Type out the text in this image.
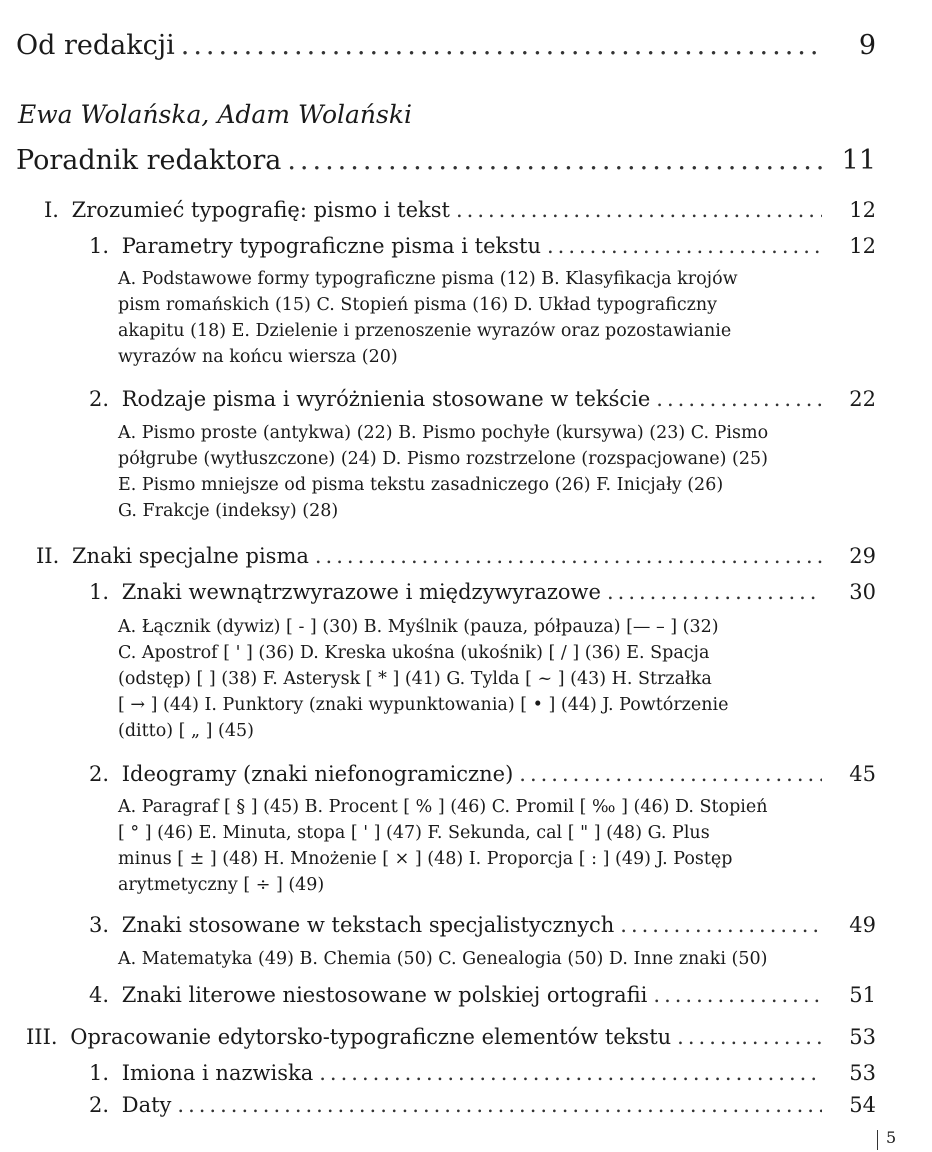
Od redakcji .....	9
Ewa Wolańska, Adam Wolański
Poradnik redaktora .....	11
I. Zrozumieć typografię: pismo i tekst .....	12
1. Parametry typograficzne pisma i tekstu .....	12

A. Podstawowe formy typograficzne pisma (12) B. Klasyfikacja krojów

pism romańskich (15) C. Stopień pisma (16) D. Układ typograficzny

akapitu (18) E. Dzielenie i przenoszenie wyrazów oraz pozostawianie

wyrazów na końcu wiersza (20)

2. Rodzaje pisma i wyróżnienia stosowane w tekście .....	22

A. Pismo proste (antykwa) (22) B. Pismo pochyłe (kursywa) (23) C. Pismo

półgrube (wytłuszczone) (24) D. Pismo rozstrzelone (rozspacjowane) (25)

E. Pismo mniejsze od pisma tekstu zasadniczego (26) F. Inicjały (26)

G. Frakcje (indeksy) (28)

II. Znaki specjalne pisma .....	29
1. Znaki wewnątrzwyrazowe i międzywyrazowe .....	30

A. Łącznik (dywiz) [ - ] (30) B. Myślnik (pauza, półpauza) [— – ] (32)

C. Apostrof [ ' ] (36) D. Kreska ukośna (ukośnik) [ / ] (36) E. Spacja

(odstęp) [ ] (38) F. Asterysk [ * ] (41) G. Tylda [ ~ ] (43) H. Strzałka

[ → ] (44) I. Punktory (znaki wypunktowania) [ • ] (44) J. Powtórzenie

(ditto) [ „ ] (45)

2. Ideogramy (znaki niefonogramiczne) .....	45

A. Paragraf [ § ] (45) B. Procent [ % ] (46) C. Promil [ ‰ ] (46) D. Stopień

[ ° ] (46) E. Minuta, stopa [ ' ] (47) F. Sekunda, cal [ " ] (48) G. Plus

minus [ ± ] (48) H. Mnożenie [ × ] (48) I. Proporcja [ : ] (49) J. Postęp

arytmetyczny [ ÷ ] (49)

3. Znaki stosowane w tekstach specjalistycznych .....	49

A. Matematyka (49) B. Chemia (50) C. Genealogia (50) D. Inne znaki (50)

4. Znaki literowe niestosowane w polskiej ortografii .....	51
III. Opracowanie edytorsko-typograficzne elementów tekstu .....	53
1. Imiona i nazwiska .....	53
2. Daty .....	54
5
